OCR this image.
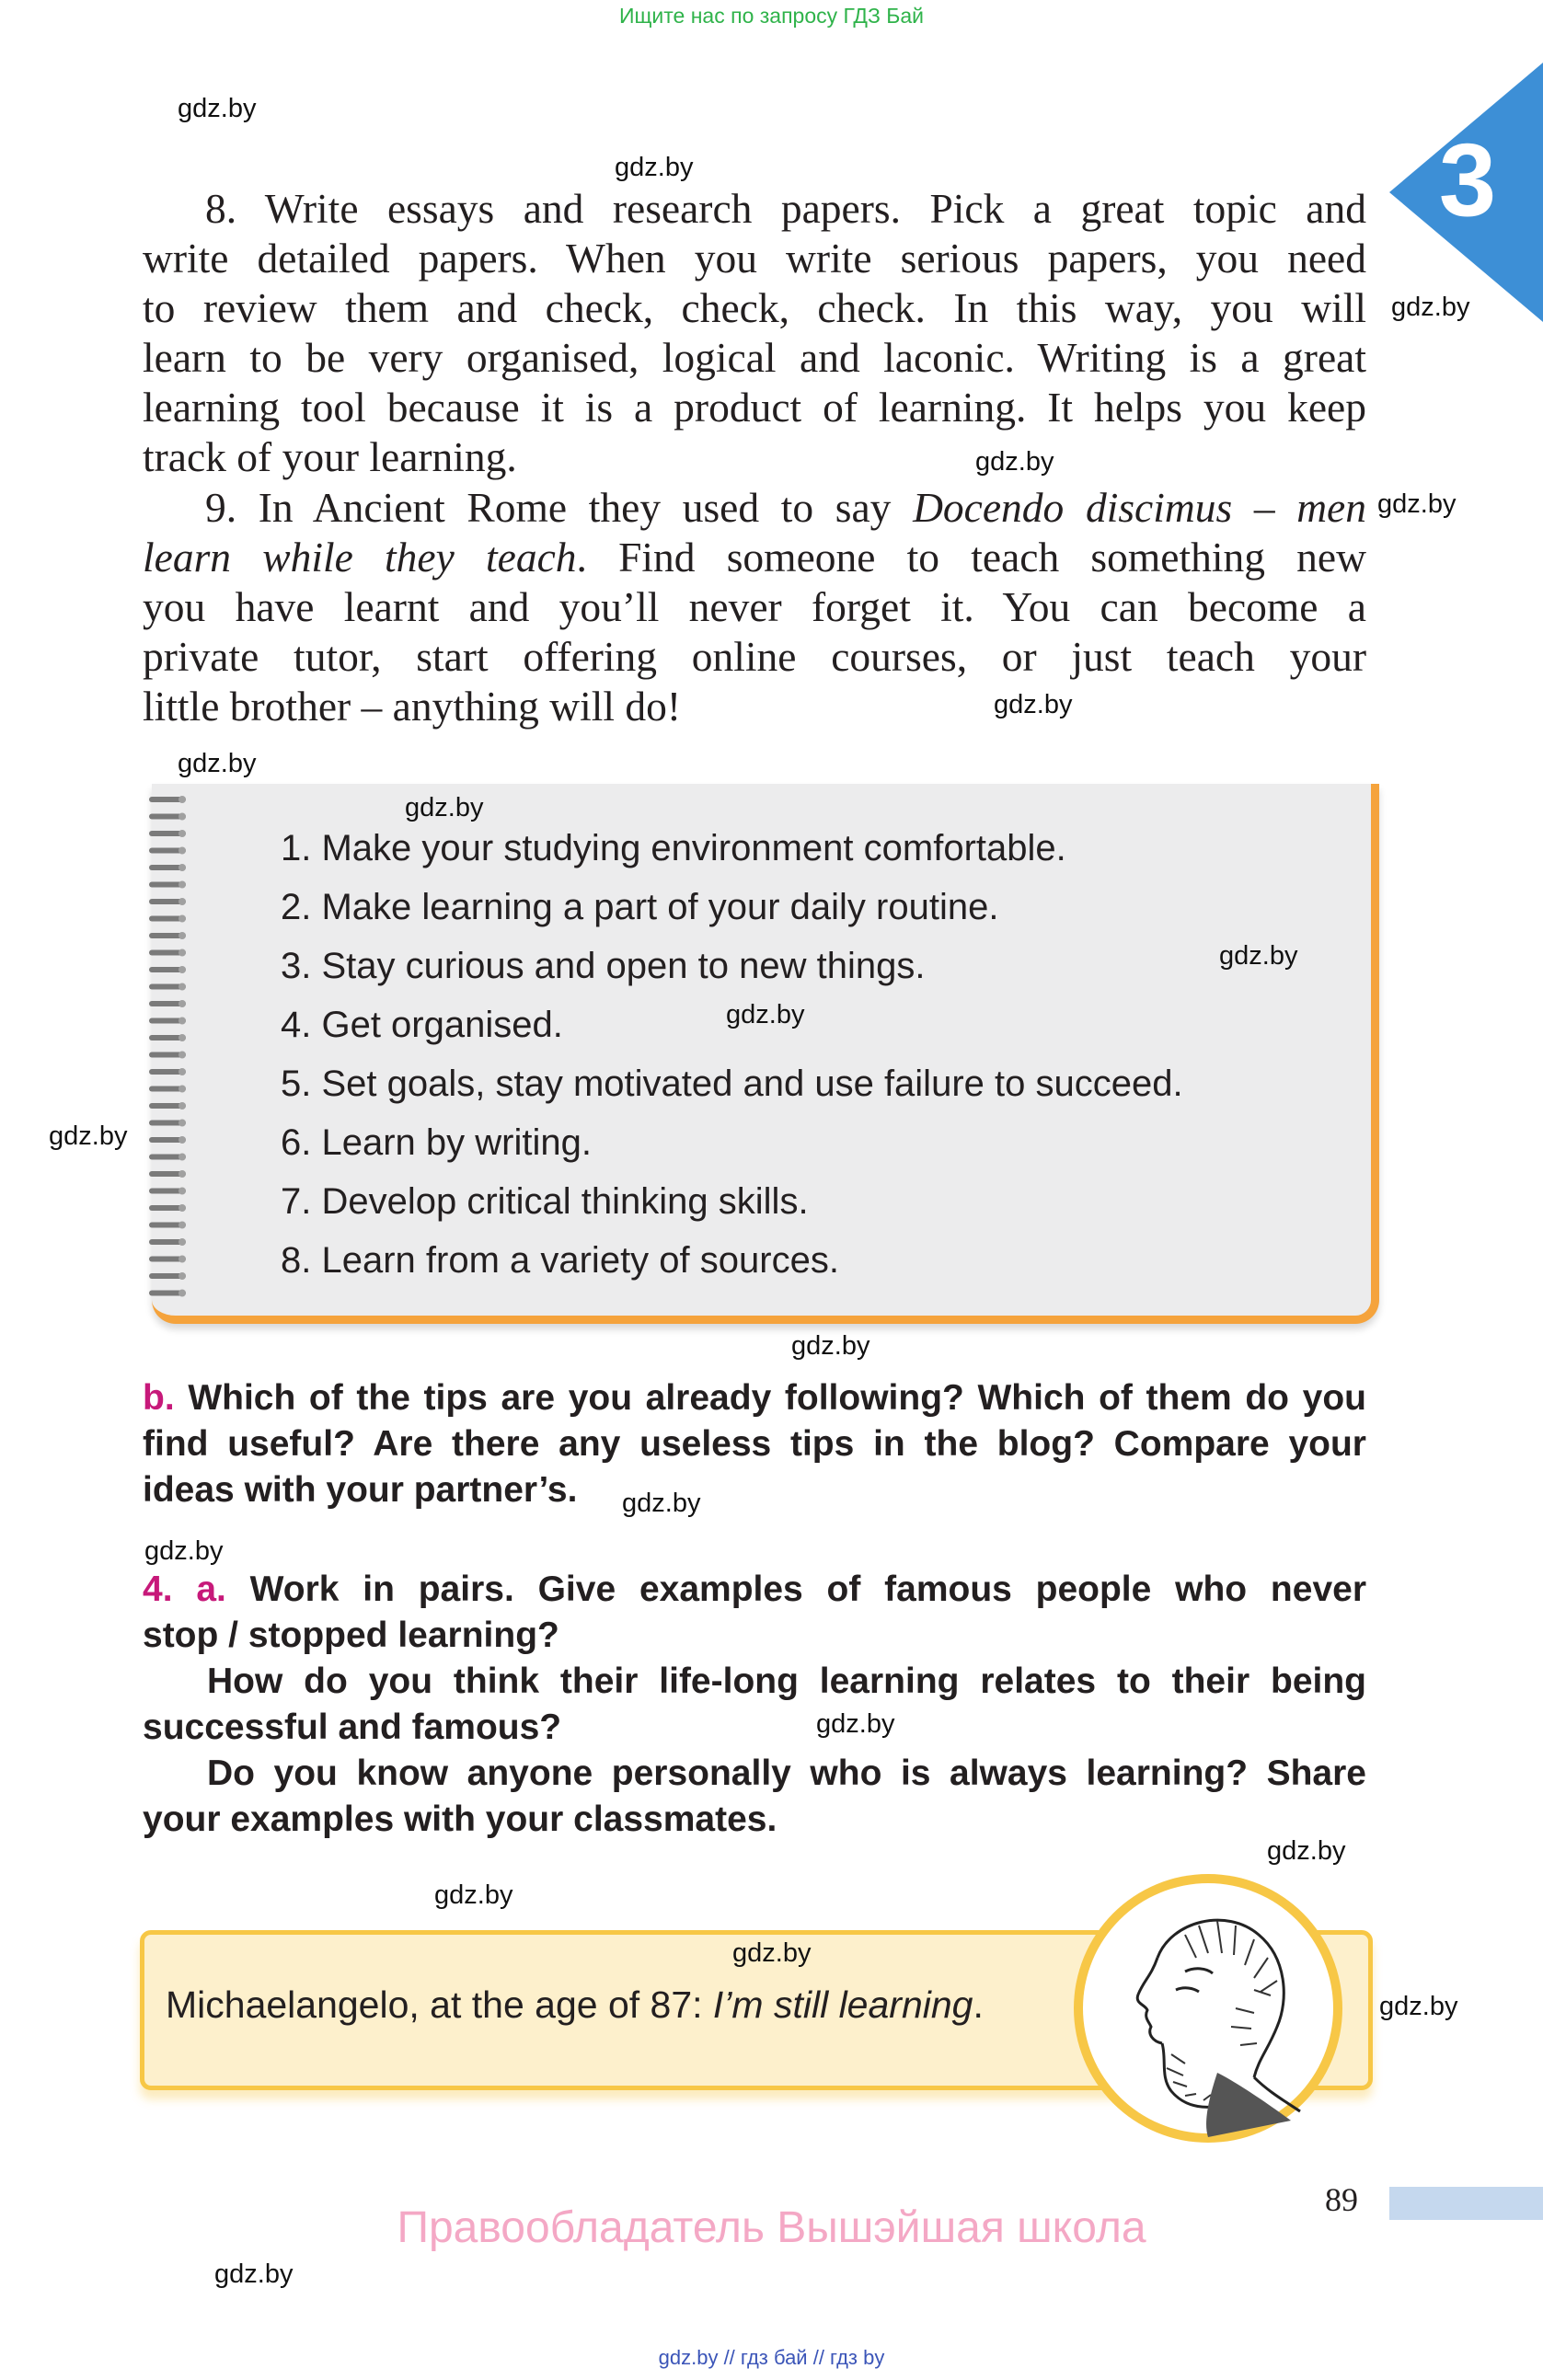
Ищите нас по запросу ГДЗ Бай
3
gdz.by
gdz.by
gdz.by
gdz.by
gdz.by
gdz.by
gdz.by

8. Write essays and research papers. Pick a great topic and

write detailed papers. When you write serious papers, you need

to review them and check, check, check. In this way, you will

learn to be very organised, logical and laconic. Writing is a great

learning tool because it is a product of learning. It helps you keep

track of your learning.

9. In Ancient Rome they used to say Docendo discimus – men

learn while they teach. Find someone to teach something new

you have learnt and you’ll never forget it. You can become a

private tutor, start offering online courses, or just teach your

little brother – anything will do!

1. Make your studying environment comfortable.
2. Make learning a part of your daily routine.
3. Stay curious and open to new things.
4. Get organised.
5. Set goals, stay motivated and use failure to succeed.
6. Learn by writing.
7. Develop critical thinking skills.
8. Learn from a variety of sources.
gdz.by
gdz.by
gdz.by
gdz.by
gdz.by

b. Which of the tips are you already following? Which of them do you

find useful? Are there any useless tips in the blog? Compare your

ideas with your partner’s.	gdz.by
gdz.by

4. a. Work in pairs. Give examples of famous people who never

stop / stopped learning?

How do you think their life-long learning relates to their being

successful and famous?

Do you know anyone personally who is always learning? Share

your examples with your classmates.

gdz.by
gdz.by
gdz.by
Michaelangelo, at the age of 87: I’m still learning.
gdz.by
gdz.by
89
Правообладатель Вышэйшая школа
gdz.by
gdz.by // гдз бай // гдз by
